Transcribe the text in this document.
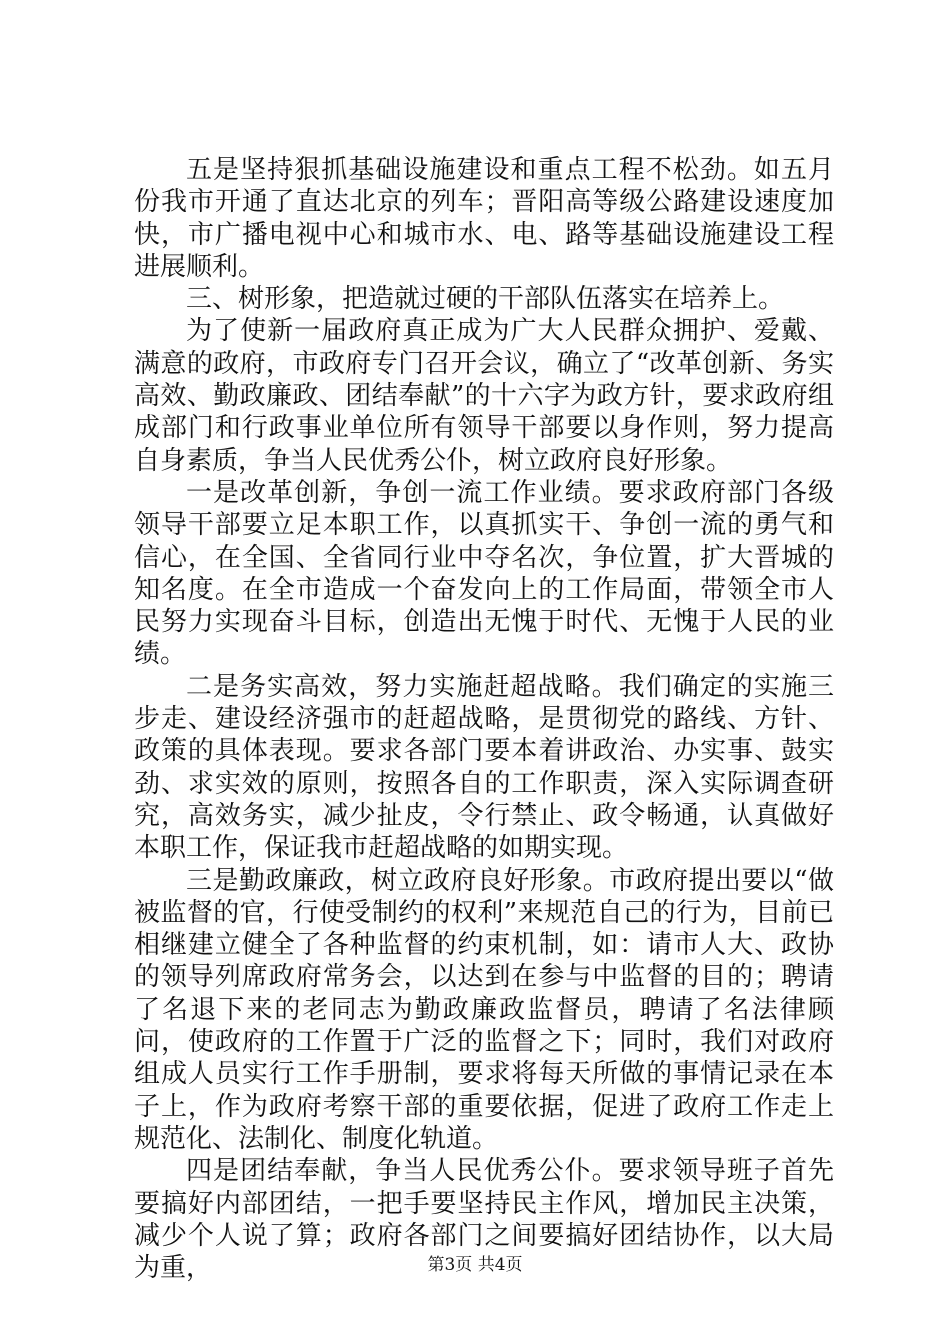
五是坚持狠抓基础设施建设和重点工程不松劲。如五月份我市开通了直达北京的列车；晋阳高等级公路建设速度加快，市广播电视中心和城市水、电、路等基础设施建设工程进展顺利。

三、树形象，把造就过硬的干部队伍落实在培养上。

为了使新一届政府真正成为广大人民群众拥护、爱戴、满意的政府，市政府专门召开会议，确立了“改革创新、务实高效、勤政廉政、团结奉献”的十六字为政方针，要求政府组成部门和行政事业单位所有领导干部要以身作则，努力提高自身素质，争当人民优秀公仆，树立政府良好形象。

一是改革创新，争创一流工作业绩。要求政府部门各级领导干部要立足本职工作，以真抓实干、争创一流的勇气和信心，在全国、全省同行业中夺名次，争位置，扩大晋城的知名度。在全市造成一个奋发向上的工作局面，带领全市人民努力实现奋斗目标，创造出无愧于时代、无愧于人民的业绩。

二是务实高效，努力实施赶超战略。我们确定的实施三步走、建设经济强市的赶超战略，是贯彻党的路线、方针、政策的具体表现。要求各部门要本着讲政治、办实事、鼓实劲、求实效的原则，按照各自的工作职责，深入实际调查研究，高效务实，减少扯皮，令行禁止、政令畅通，认真做好本职工作，保证我市赶超战略的如期实现。

三是勤政廉政，树立政府良好形象。市政府提出要以“做被监督的官，行使受制约的权利”来规范自己的行为，目前已相继建立健全了各种监督的约束机制，如：请市人大、政协的领导列席政府常务会，以达到在参与中监督的目的；聘请了名退下来的老同志为勤政廉政监督员，聘请了名法律顾问，使政府的工作置于广泛的监督之下；同时，我们对政府组成人员实行工作手册制，要求将每天所做的事情记录在本子上，作为政府考察干部的重要依据，促进了政府工作走上规范化、法制化、制度化轨道。

四是团结奉献，争当人民优秀公仆。要求领导班子首先要搞好内部团结，一把手要坚持民主作风，增加民主决策，减少个人说了算；政府各部门之间要搞好团结协作，以大局为重，	第3页 共4页
